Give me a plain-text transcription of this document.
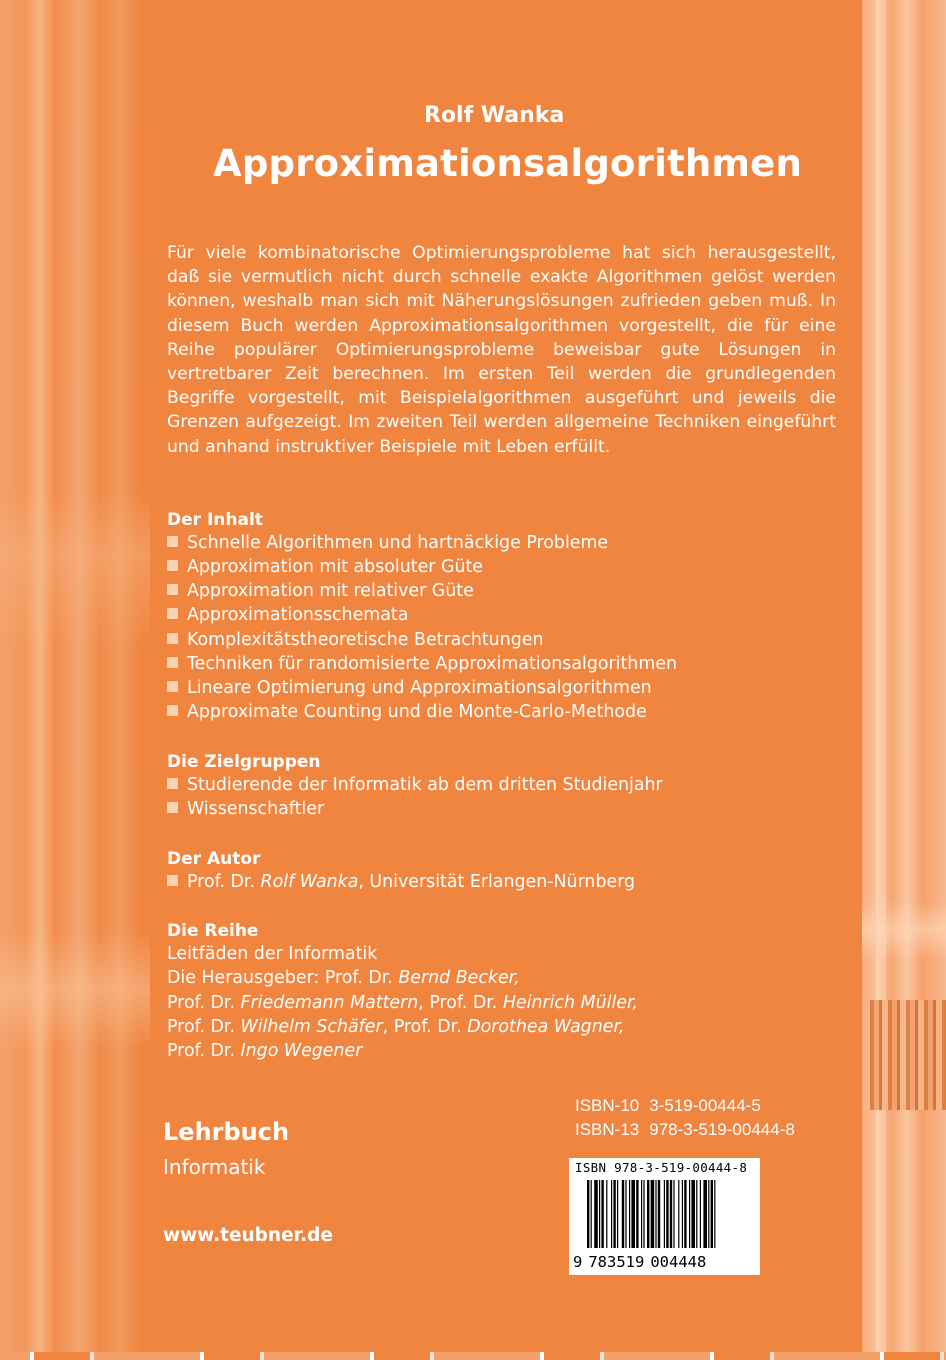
Rolf Wanka
Approximationsalgorithmen

Für viele kombinatorische Optimierungsprobleme hat sich herausgestellt, daß sie vermutlich nicht durch schnelle exakte Algorithmen gelöst werden können, weshalb man sich mit Näherungslösungen zufrieden geben muß. In diesem Buch werden Approximationsalgorithmen vorgestellt, die für eine Reihe populärer Optimierungsprobleme beweisbar gute Lösungen in vertretbarer Zeit berechnen. Im ersten Teil werden die grundlegenden Begriffe vorgestellt, mit Beispielalgorithmen ausgeführt und jeweils die Grenzen aufgezeigt. Im zweiten Teil werden allgemeine Techniken eingeführt und anhand instruktiver Beispiele mit Leben erfüllt.

Der Inhalt
Schnelle Algorithmen und hartnäckige Probleme
Approximation mit absoluter Güte
Approximation mit relativer Güte
Approximationsschemata
Komplexitätstheoretische Betrachtungen
Techniken für randomisierte Approximationsalgorithmen
Lineare Optimierung und Approximationsalgorithmen
Approximate Counting und die Monte-Carlo-Methode
Die Zielgruppen
Studierende der Informatik ab dem dritten Studienjahr
Wissenschaftler
Der Autor
Prof. Dr. Rolf Wanka, Universität Erlangen-Nürnberg
Die Reihe
Leitfäden der Informatik
Die Herausgeber: Prof. Dr. Bernd Becker,
Prof. Dr. Friedemann Mattern, Prof. Dr. Heinrich Müller,
Prof. Dr. Wilhelm Schäfer, Prof. Dr. Dorothea Wagner,
Prof. Dr. Ingo Wegener
ISBN-10 3-519-00444-5
ISBN-13 978-3-519-00444-8
Lehrbuch
Informatik
www.teubner.de
ISBN 978-3-519-00444-8
9 783519 004448
